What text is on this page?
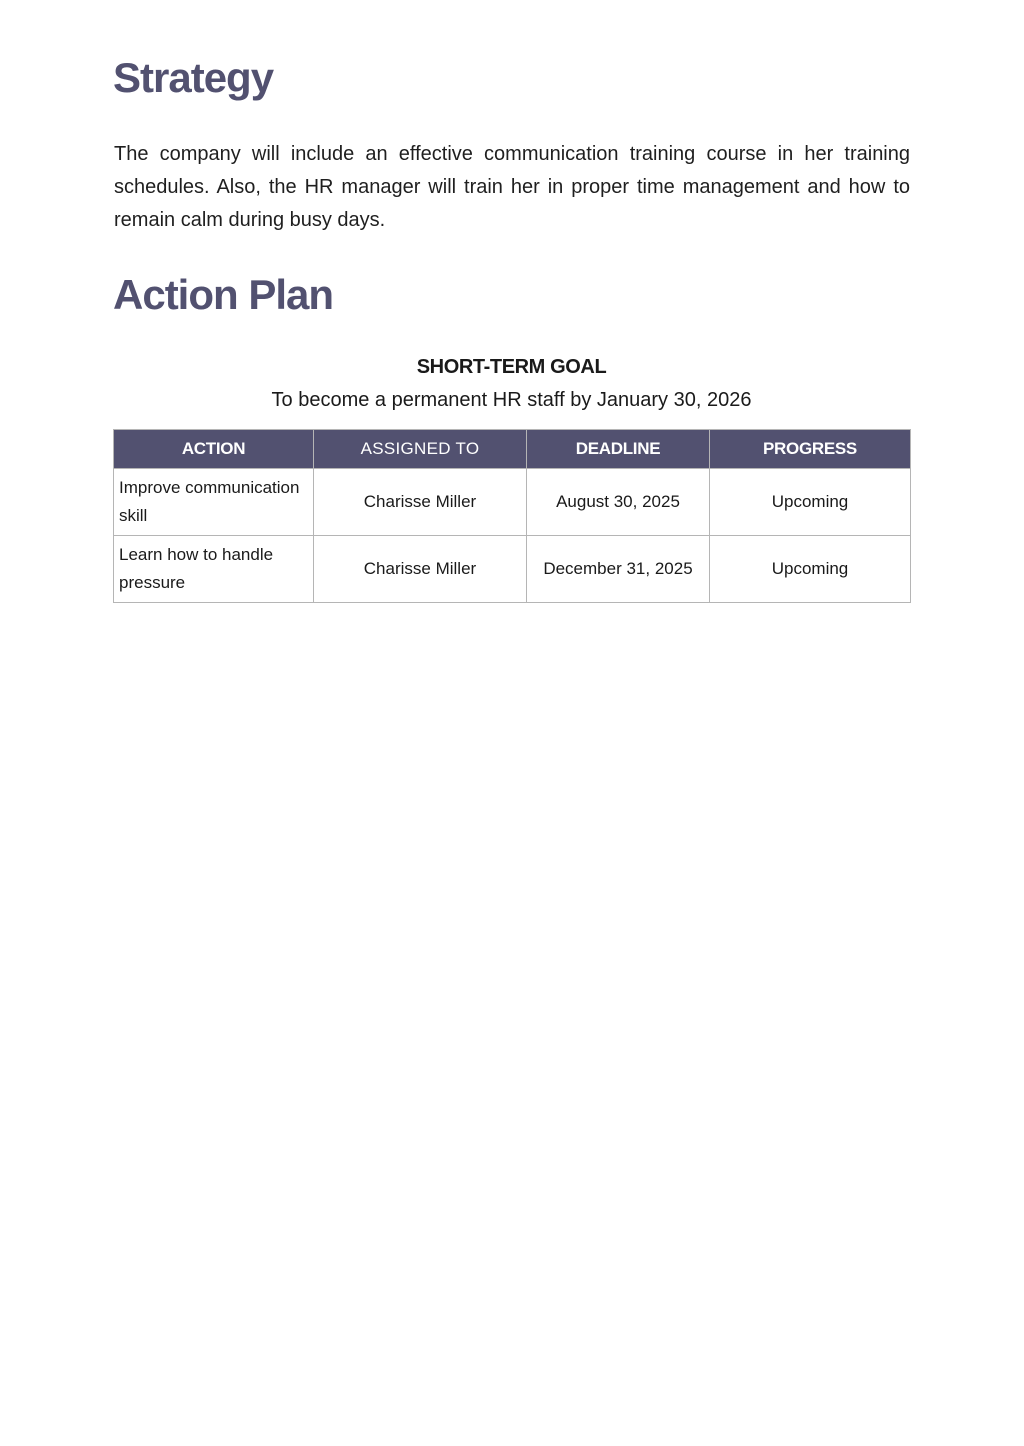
Strategy

The company will include an effective communication training course in her training schedules. Also, the HR manager will train her in proper time management and how to remain calm during busy days.

Action Plan
SHORT-TERM GOAL
To become a permanent HR staff by January 30, 2026
ACTION	ASSIGNED TO	DEADLINE	PROGRESS
Improve communication skill	Charisse Miller	August 30, 2025	Upcoming
Learn how to handle pressure	Charisse Miller	December 31, 2025	Upcoming
